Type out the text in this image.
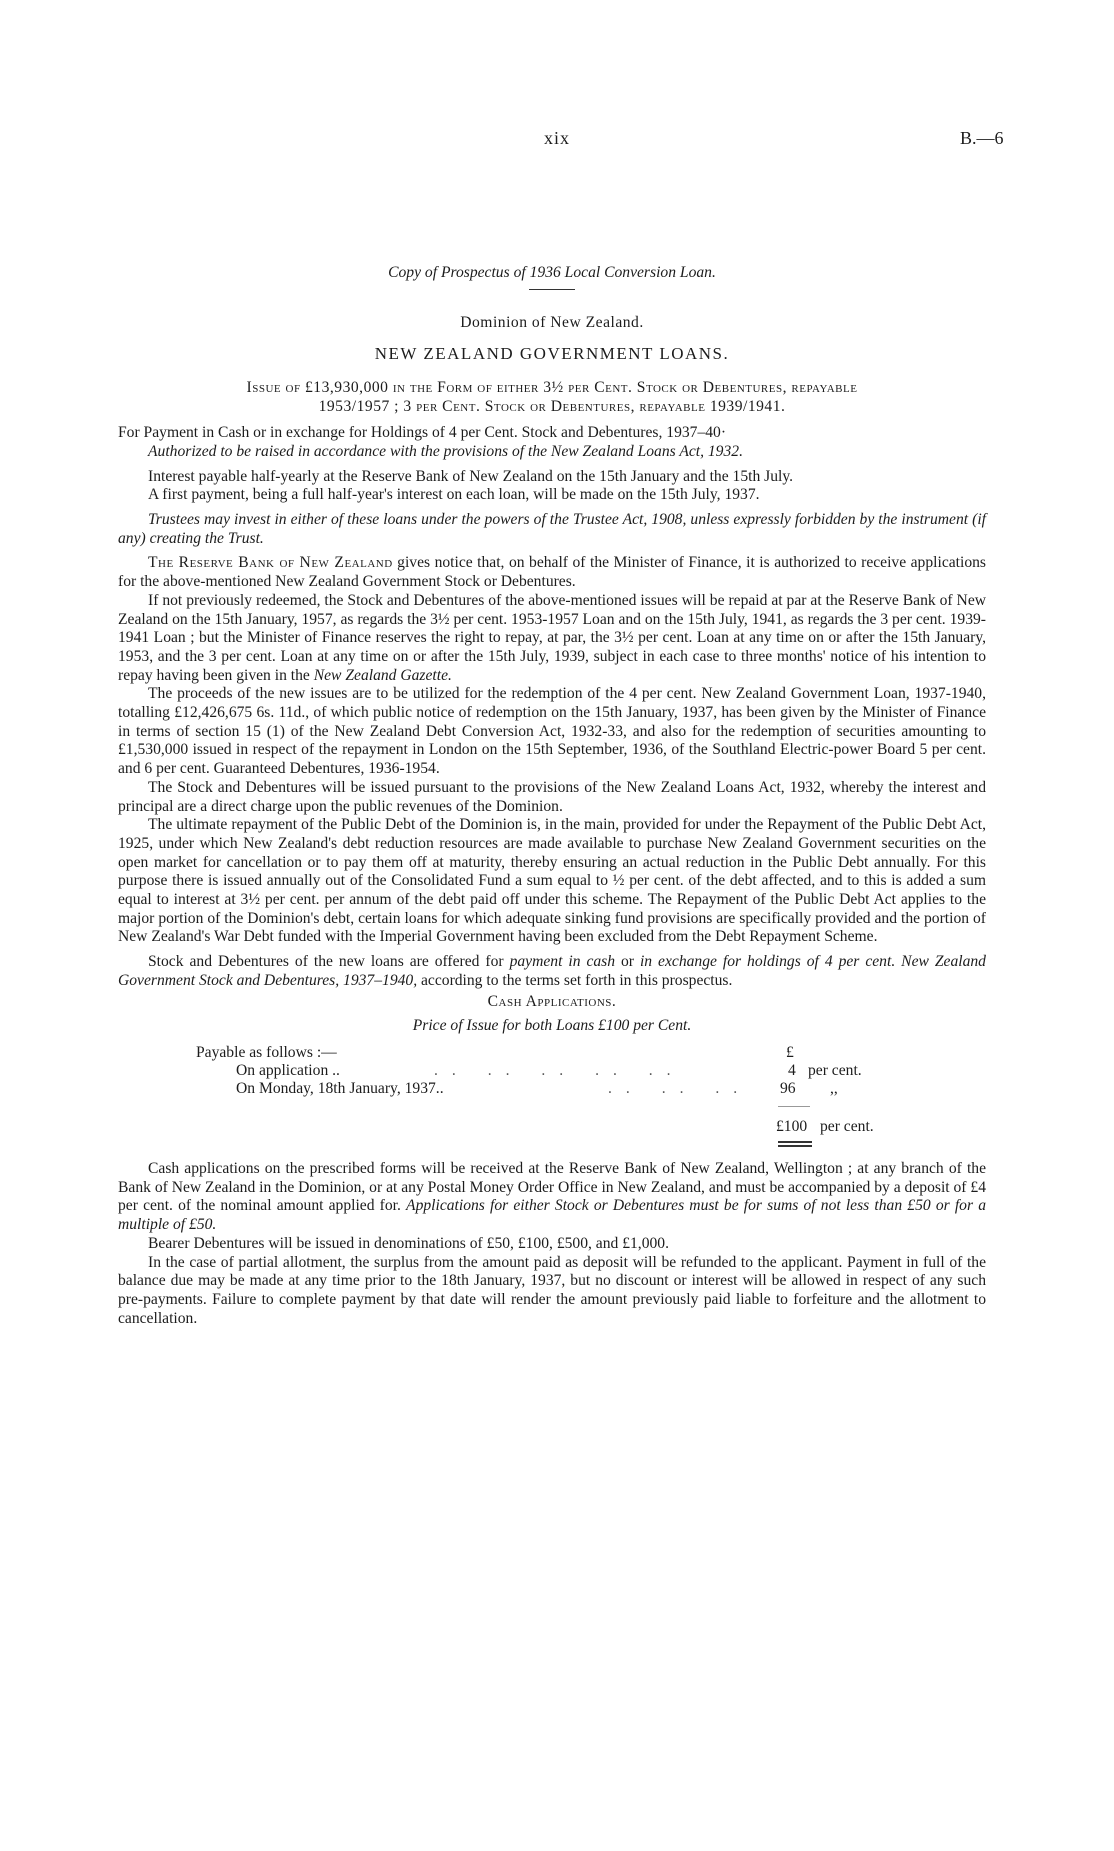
xix	B.—6
Copy of Prospectus of 1936 Local Conversion Loan.
Dominion of New Zealand.
NEW ZEALAND GOVERNMENT LOANS.
Issue of £13,930,000 in the Form of either 3½ per Cent. Stock or Debentures, repayable
1953/1957 ; 3 per Cent. Stock or Debentures, repayable 1939/1941.

For Payment in Cash or in exchange for Holdings of 4 per Cent. Stock and Debentures, 1937–40·

Authorized to be raised in accordance with the provisions of the New Zealand Loans Act, 1932.

Interest payable half-yearly at the Reserve Bank of New Zealand on the 15th January and the 15th July.

A first payment, being a full half-year's interest on each loan, will be made on the 15th July, 1937.

Trustees may invest in either of these loans under the powers of the Trustee Act, 1908, unless expressly forbidden by the instrument (if any) creating the Trust.

The Reserve Bank of New Zealand gives notice that, on behalf of the Minister of Finance, it is authorized to receive applications for the above-mentioned New Zealand Government Stock or Debentures.

If not previously redeemed, the Stock and Debentures of the above-mentioned issues will be repaid at par at the Reserve Bank of New Zealand on the 15th January, 1957, as regards the 3½ per cent. 1953-1957 Loan and on the 15th July, 1941, as regards the 3 per cent. 1939-1941 Loan ; but the Minister of Finance reserves the right to repay, at par, the 3½ per cent. Loan at any time on or after the 15th January, 1953, and the 3 per cent. Loan at any time on or after the 15th July, 1939, subject in each case to three months' notice of his intention to repay having been given in the New Zealand Gazette.

The proceeds of the new issues are to be utilized for the redemption of the 4 per cent. New Zealand Government Loan, 1937-1940, totalling £12,426,675 6s. 11d., of which public notice of redemption on the 15th January, 1937, has been given by the Minister of Finance in terms of section 15 (1) of the New Zealand Debt Conversion Act, 1932-33, and also for the redemption of securities amounting to £1,530,000 issued in respect of the repayment in London on the 15th September, 1936, of the Southland Electric-power Board 5 per cent. and 6 per cent. Guaranteed Debentures, 1936-1954.

The Stock and Debentures will be issued pursuant to the provisions of the New Zealand Loans Act, 1932, whereby the interest and principal are a direct charge upon the public revenues of the Dominion.

The ultimate repayment of the Public Debt of the Dominion is, in the main, provided for under the Repayment of the Public Debt Act, 1925, under which New Zealand's debt reduction resources are made available to purchase New Zealand Government securities on the open market for cancellation or to pay them off at maturity, thereby ensuring an actual reduction in the Public Debt annually. For this purpose there is issued annually out of the Consolidated Fund a sum equal to ½ per cent. of the debt affected, and to this is added a sum equal to interest at 3½ per cent. per annum of the debt paid off under this scheme. The Repayment of the Public Debt Act applies to the major portion of the Dominion's debt, certain loans for which adequate sinking fund provisions are specifically provided and the portion of New Zealand's War Debt funded with the Imperial Government having been excluded from the Debt Repayment Scheme.

Stock and Debentures of the new loans are offered for payment in cash or in exchange for holdings of 4 per cent. New Zealand Government Stock and Debentures, 1937–1940, according to the terms set forth in this prospectus.

Cash Applications.
Price of Issue for both Loans £100 per Cent.
Payable as follows :—	£
On application ..	.. .. .. .. ..	4 per cent.
On Monday, 18th January, 1937..	.. .. .. 96 ,,
£100 per cent.

Cash applications on the prescribed forms will be received at the Reserve Bank of New Zealand, Wellington ; at any branch of the Bank of New Zealand in the Dominion, or at any Postal Money Order Office in New Zealand, and must be accompanied by a deposit of £4 per cent. of the nominal amount applied for. Applications for either Stock or Debentures must be for sums of not less than £50 or for a multiple of £50.

Bearer Debentures will be issued in denominations of £50, £100, £500, and £1,000.

In the case of partial allotment, the surplus from the amount paid as deposit will be refunded to the applicant. Payment in full of the balance due may be made at any time prior to the 18th January, 1937, but no discount or interest will be allowed in respect of any such pre-payments. Failure to complete payment by that date will render the amount previously paid liable to forfeiture and the allotment to cancellation.
